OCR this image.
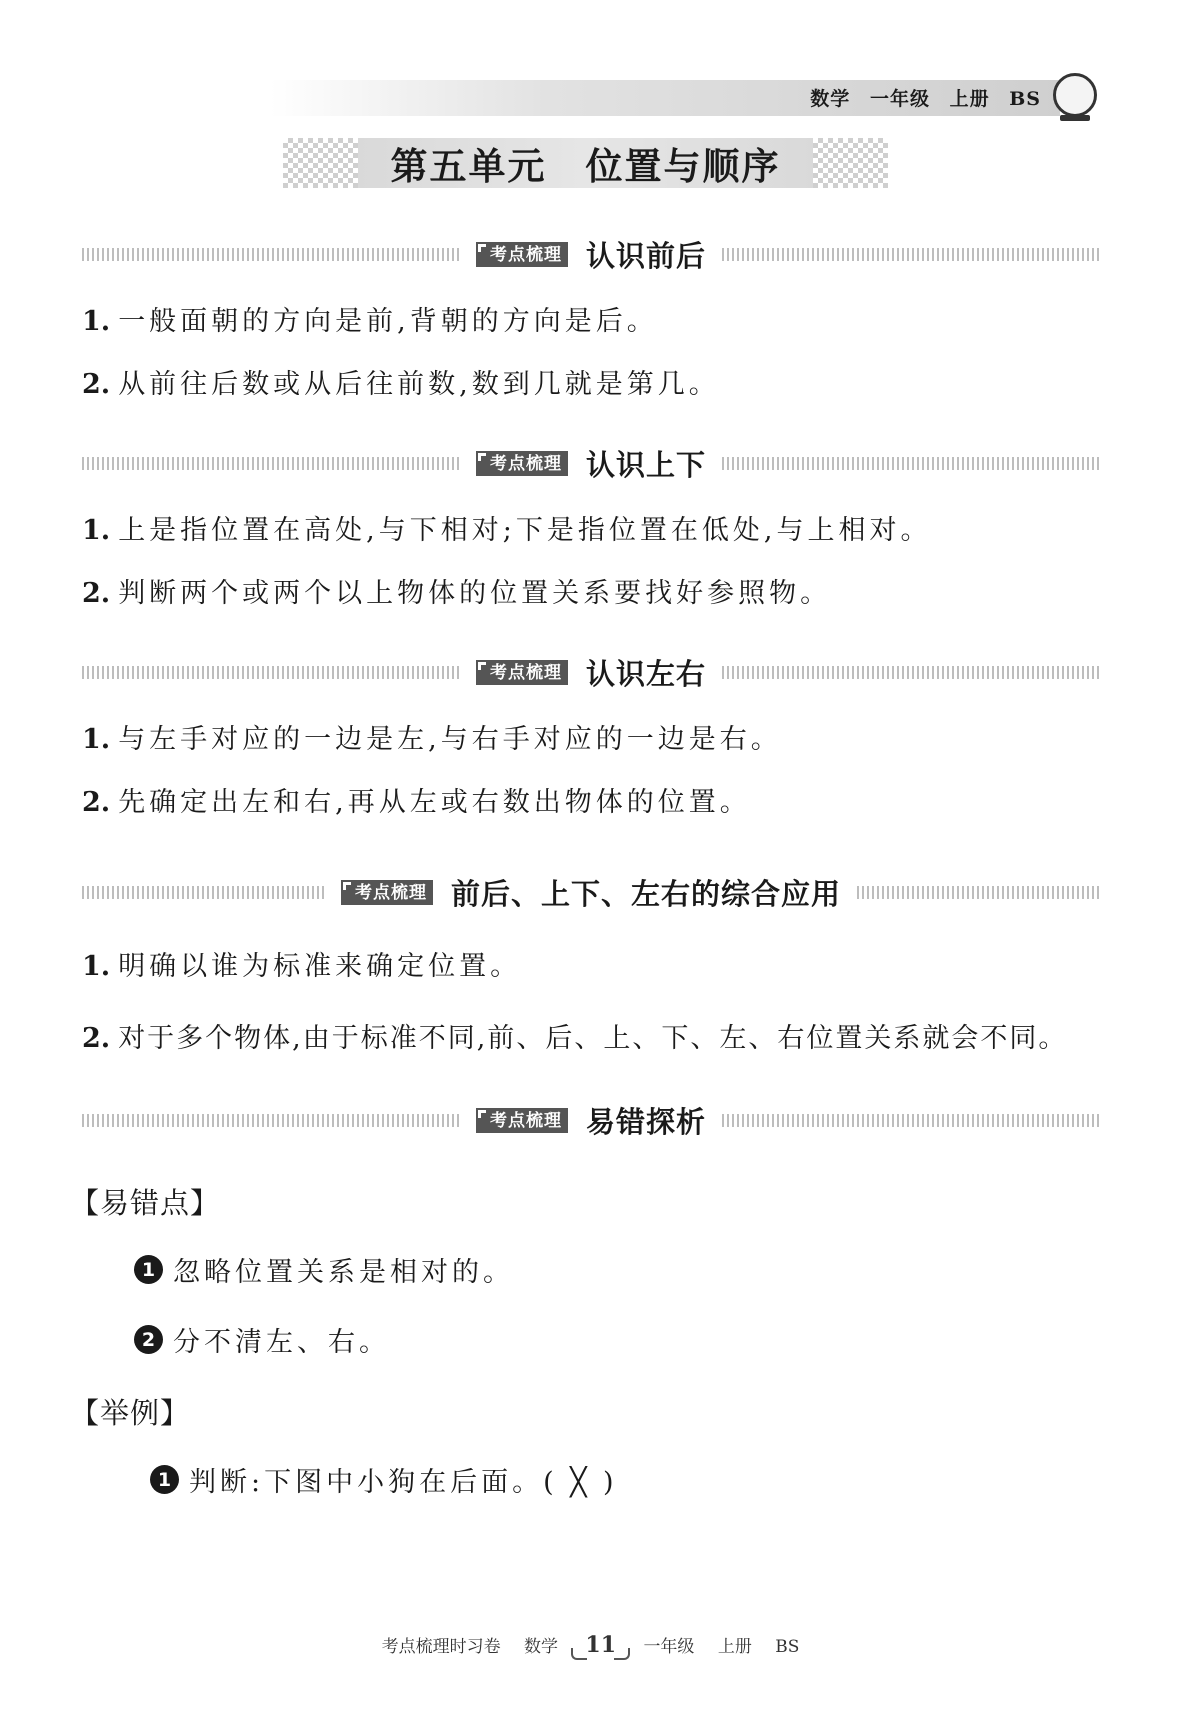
数学 一年级 上册 BS
第五单元　位置与顺序
考点梳理 认识前后
1. 一般面朝的方向是前,背朝的方向是后。
2. 从前往后数或从后往前数,数到几就是第几。
考点梳理 认识上下
1. 上是指位置在高处,与下相对;下是指位置在低处,与上相对。
2. 判断两个或两个以上物体的位置关系要找好参照物。
考点梳理 认识左右
1. 与左手对应的一边是左,与右手对应的一边是右。
2. 先确定出左和右,再从左或右数出物体的位置。
考点梳理 前后、上下、左右的综合应用
1. 明确以谁为标准来确定位置。
2. 对于多个物体,由于标准不同,前、后、上、下、左、右位置关系就会不同。
考点梳理 易错探析
【易错点】
1 忽略位置关系是相对的。
2 分不清左、右。
【举例】
1 判断:下图中小狗在后面。( ╳ )
考点梳理时习卷 数学 11 一年级 上册 BS
